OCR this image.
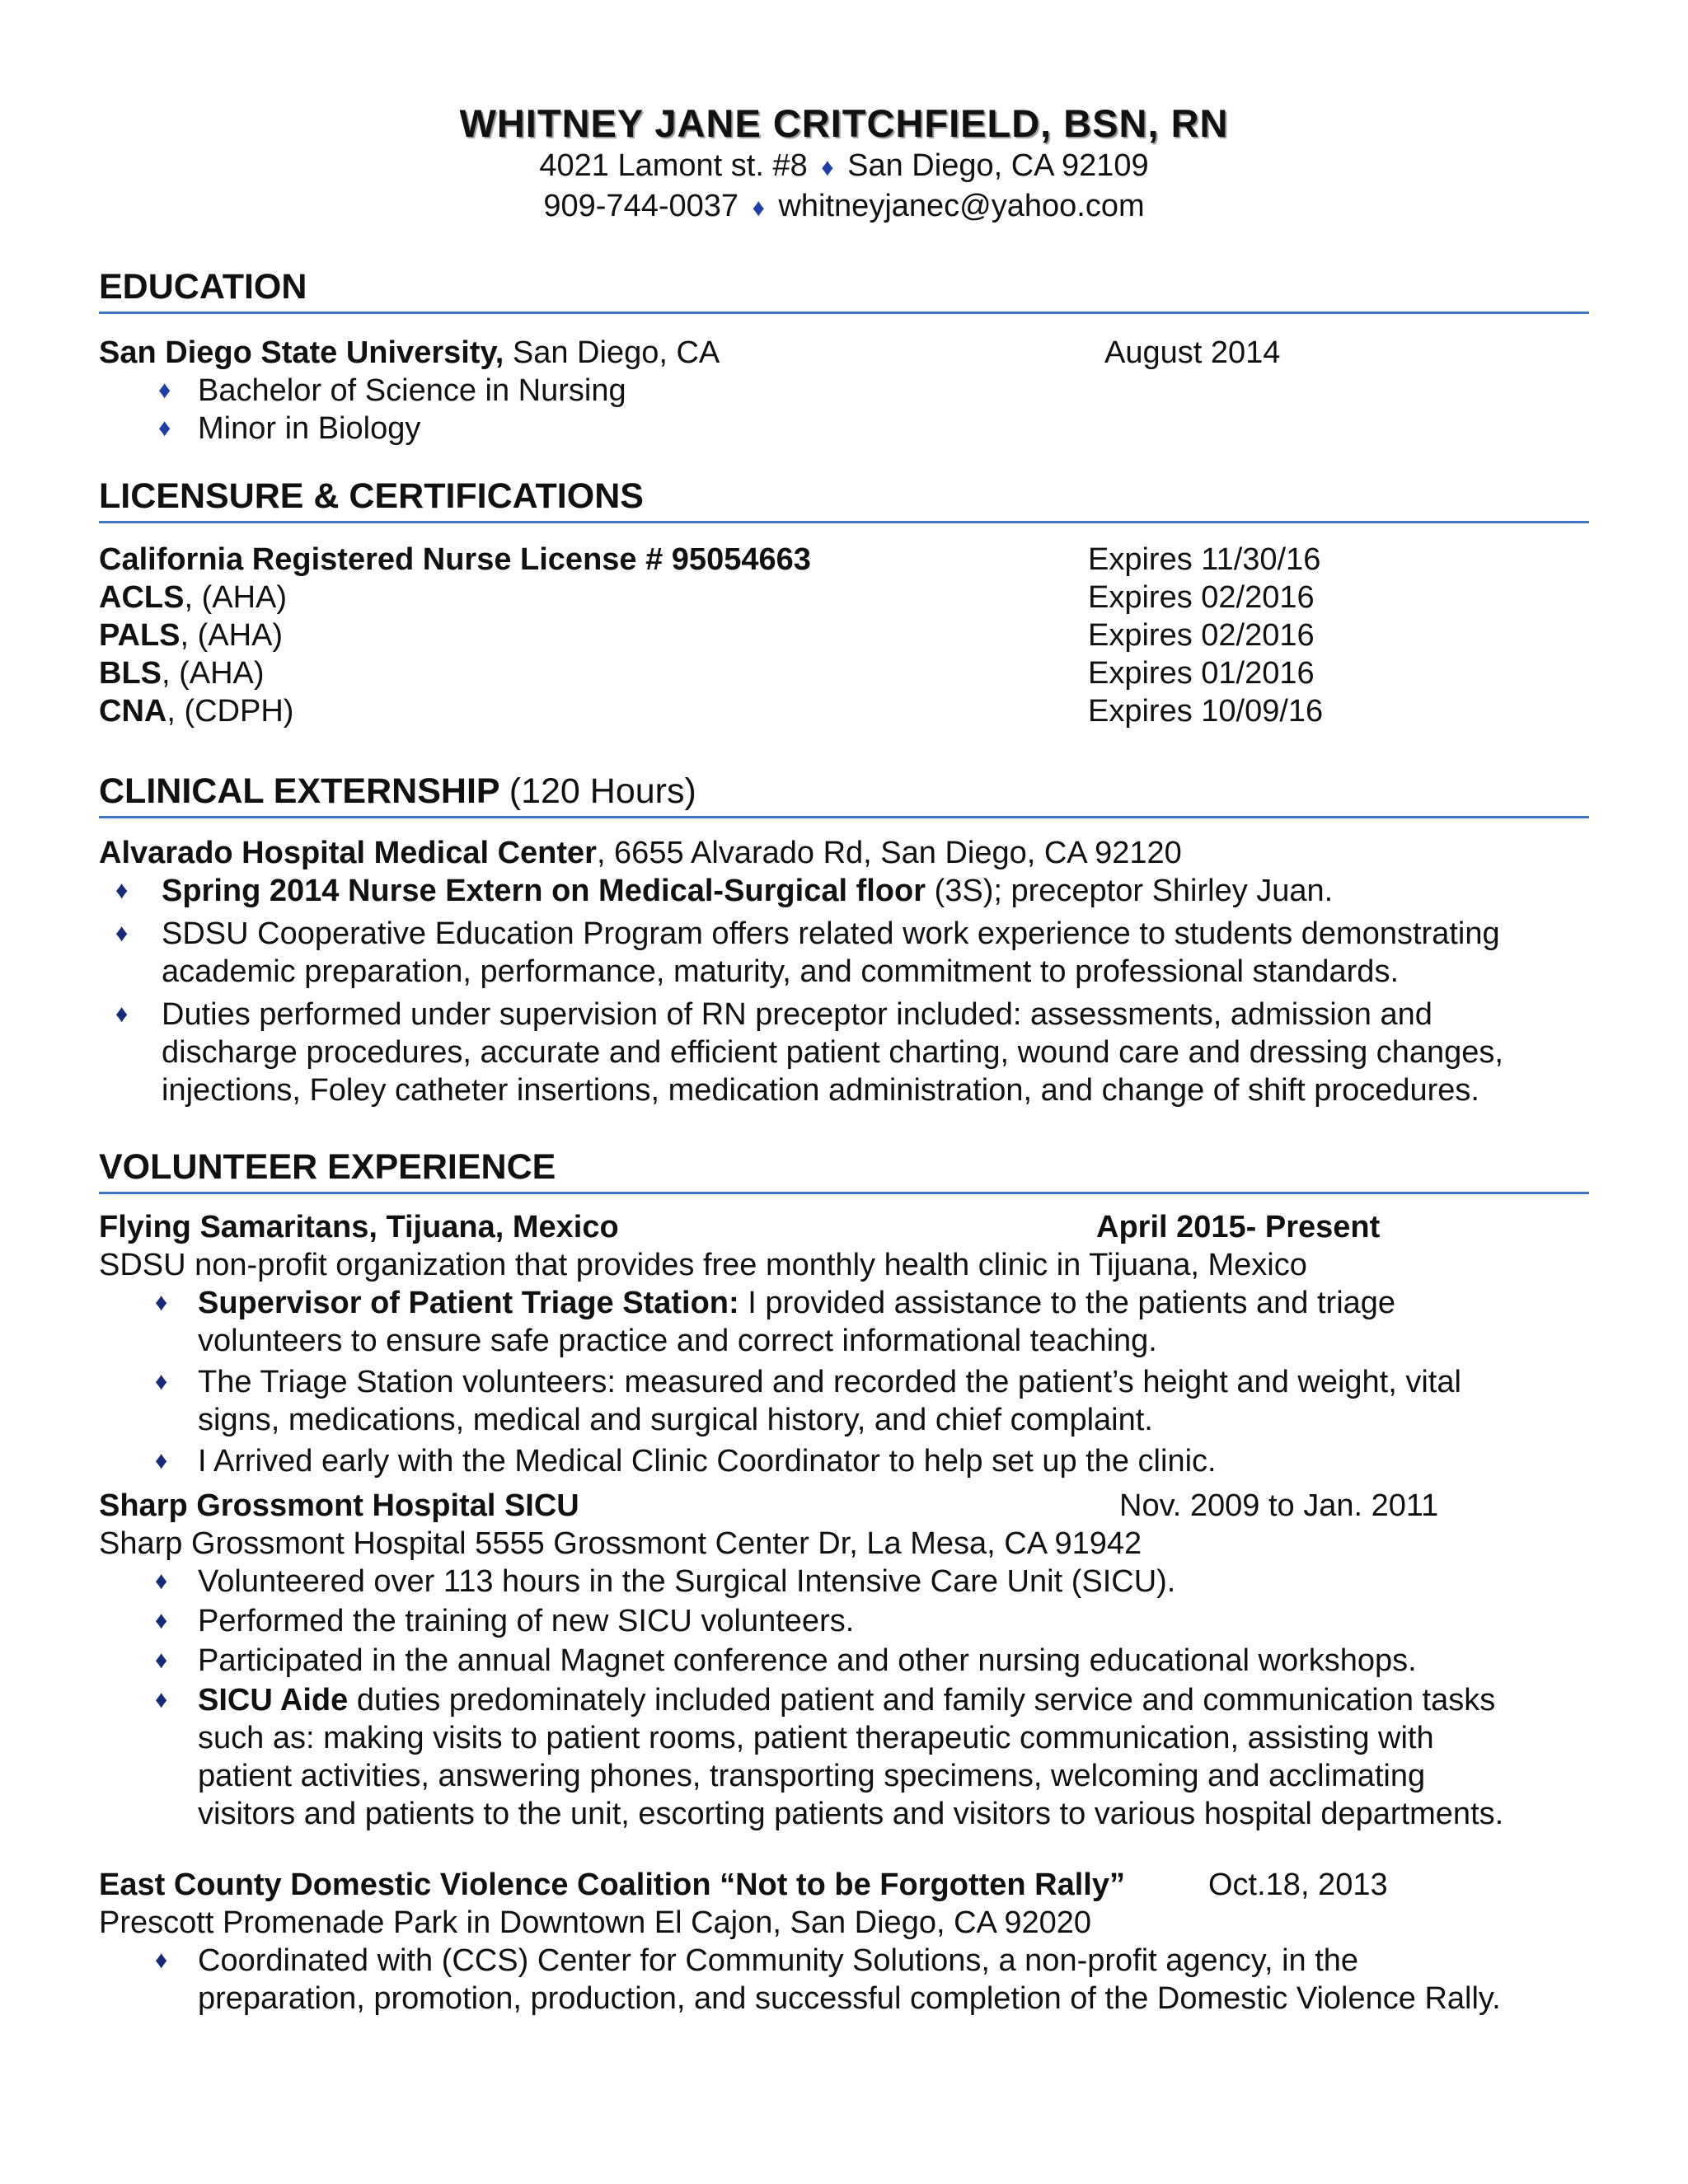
WHITNEY JANE CRITCHFIELD, BSN, RN
4021 Lamont st. #8 ♦ San Diego, CA 92109
909-744-0037 ♦ whitneyjanec@yahoo.com
EDUCATION
San Diego State University, San Diego, CA	August 2014
♦ Bachelor of Science in Nursing
♦ Minor in Biology
LICENSURE & CERTIFICATIONS
California Registered Nurse License # 95054663	Expires 11/30/16
ACLS, (AHA)	Expires 02/2016
PALS, (AHA)	Expires 02/2016
BLS, (AHA)	Expires 01/2016
CNA, (CDPH)	Expires 10/09/16
CLINICAL EXTERNSHIP (120 Hours)
Alvarado Hospital Medical Center, 6655 Alvarado Rd, San Diego, CA 92120
♦ Spring 2014 Nurse Extern on Medical-Surgical floor (3S); preceptor Shirley Juan.
♦ SDSU Cooperative Education Program offers related work experience to students demonstrating
academic preparation, performance, maturity, and commitment to professional standards.
♦ Duties performed under supervision of RN preceptor included: assessments, admission and
discharge procedures, accurate and efficient patient charting, wound care and dressing changes,
injections, Foley catheter insertions, medication administration, and change of shift procedures.
VOLUNTEER EXPERIENCE
Flying Samaritans, Tijuana, Mexico	April 2015- Present
SDSU non-profit organization that provides free monthly health clinic in Tijuana, Mexico
♦ Supervisor of Patient Triage Station: I provided assistance to the patients and triage
volunteers to ensure safe practice and correct informational teaching.
♦ The Triage Station volunteers: measured and recorded the patient’s height and weight, vital
signs, medications, medical and surgical history, and chief complaint.
♦ I Arrived early with the Medical Clinic Coordinator to help set up the clinic.
Sharp Grossmont Hospital SICU	Nov. 2009 to Jan. 2011
Sharp Grossmont Hospital 5555 Grossmont Center Dr, La Mesa, CA 91942
♦ Volunteered over 113 hours in the Surgical Intensive Care Unit (SICU).
♦ Performed the training of new SICU volunteers.
♦ Participated in the annual Magnet conference and other nursing educational workshops.
♦ SICU Aide duties predominately included patient and family service and communication tasks
such as: making visits to patient rooms, patient therapeutic communication, assisting with
patient activities, answering phones, transporting specimens, welcoming and acclimating
visitors and patients to the unit, escorting patients and visitors to various hospital departments.
East County Domestic Violence Coalition “Not to be Forgotten Rally”	Oct.18, 2013
Prescott Promenade Park in Downtown El Cajon, San Diego, CA 92020
♦ Coordinated with (CCS) Center for Community Solutions, a non-profit agency, in the
preparation, promotion, production, and successful completion of the Domestic Violence Rally.
